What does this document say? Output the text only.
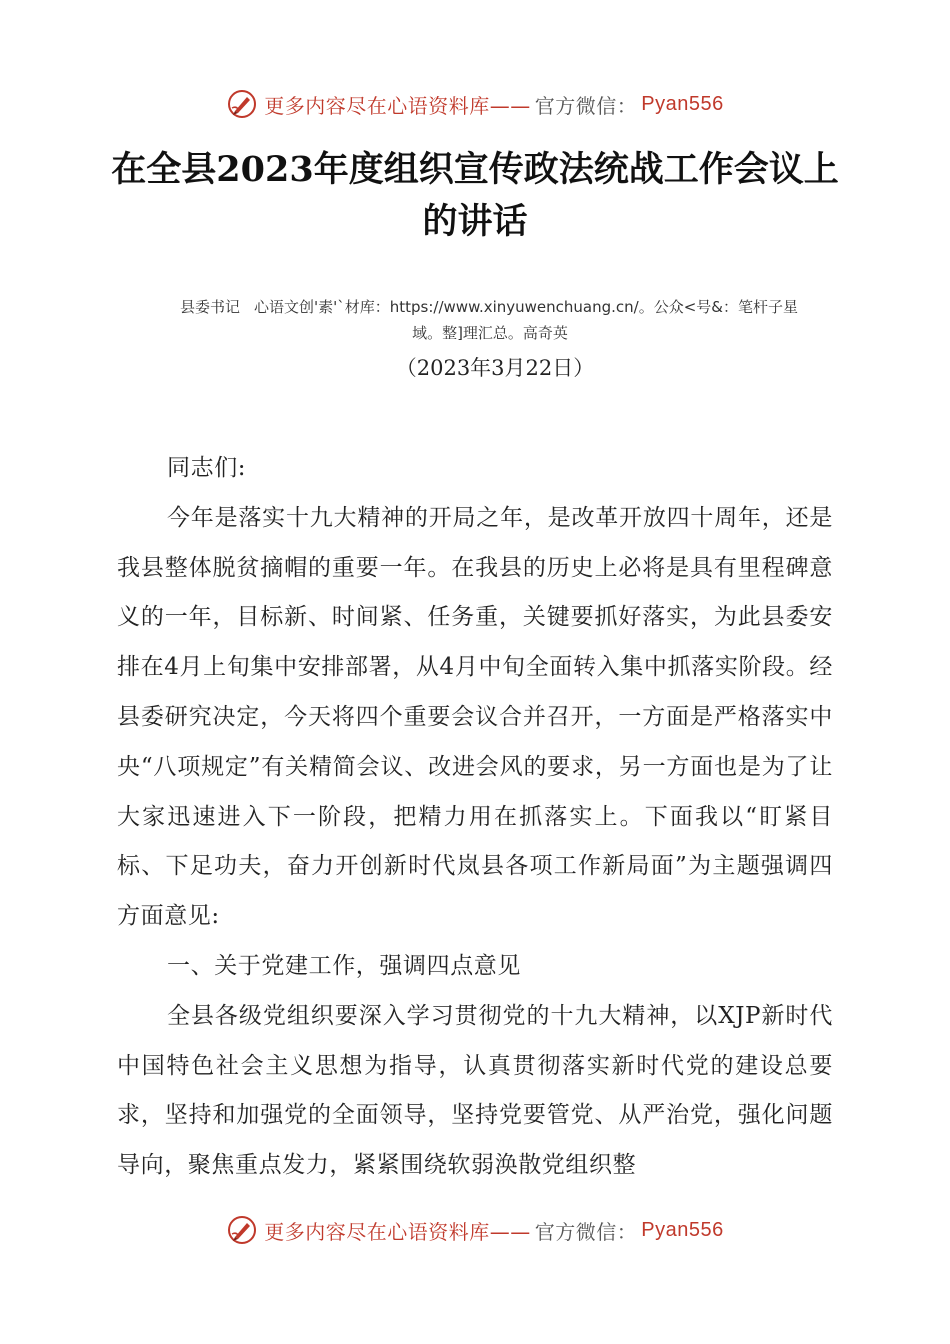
更多内容尽在心语资料库—— 官方微信： Pyan556
在全县2023年度组织宣传政法统战工作会议上的讲话
县委书记 心语文创'素'`材库：https://www.xinyuwenchuang.cn/。公众<号&：笔杆子星
域。整]理汇总。高奇英
（2023年3月22日）

同志们:

今年是落实十九大精神的开局之年，是改革开放四十周年，还是我县整体脱贫摘帽的重要一年。在我县的历史上必将是具有里程碑意义的一年，目标新、时间紧、任务重，关键要抓好落实，为此县委安排在4月上旬集中安排部署，从4月中旬全面转入集中抓落实阶段。经县委研究决定，今天将四个重要会议合并召开，一方面是严格落实中央“八项规定”有关精简会议、改进会风的要求，另一方面也是为了让大家迅速进入下一阶段，把精力用在抓落实上。下面我以“盯紧目标、下足功夫，奋力开创新时代岚县各项工作新局面”为主题强调四方面意见:

一、关于党建工作，强调四点意见

全县各级党组织要深入学习贯彻党的十九大精神，以XJP新时代中国特色社会主义思想为指导，认真贯彻落实新时代党的建设总要求，坚持和加强党的全面领导，坚持党要管党、从严治党，强化问题导向，聚焦重点发力，紧紧围绕软弱涣散党组织整

更多内容尽在心语资料库—— 官方微信： Pyan556
